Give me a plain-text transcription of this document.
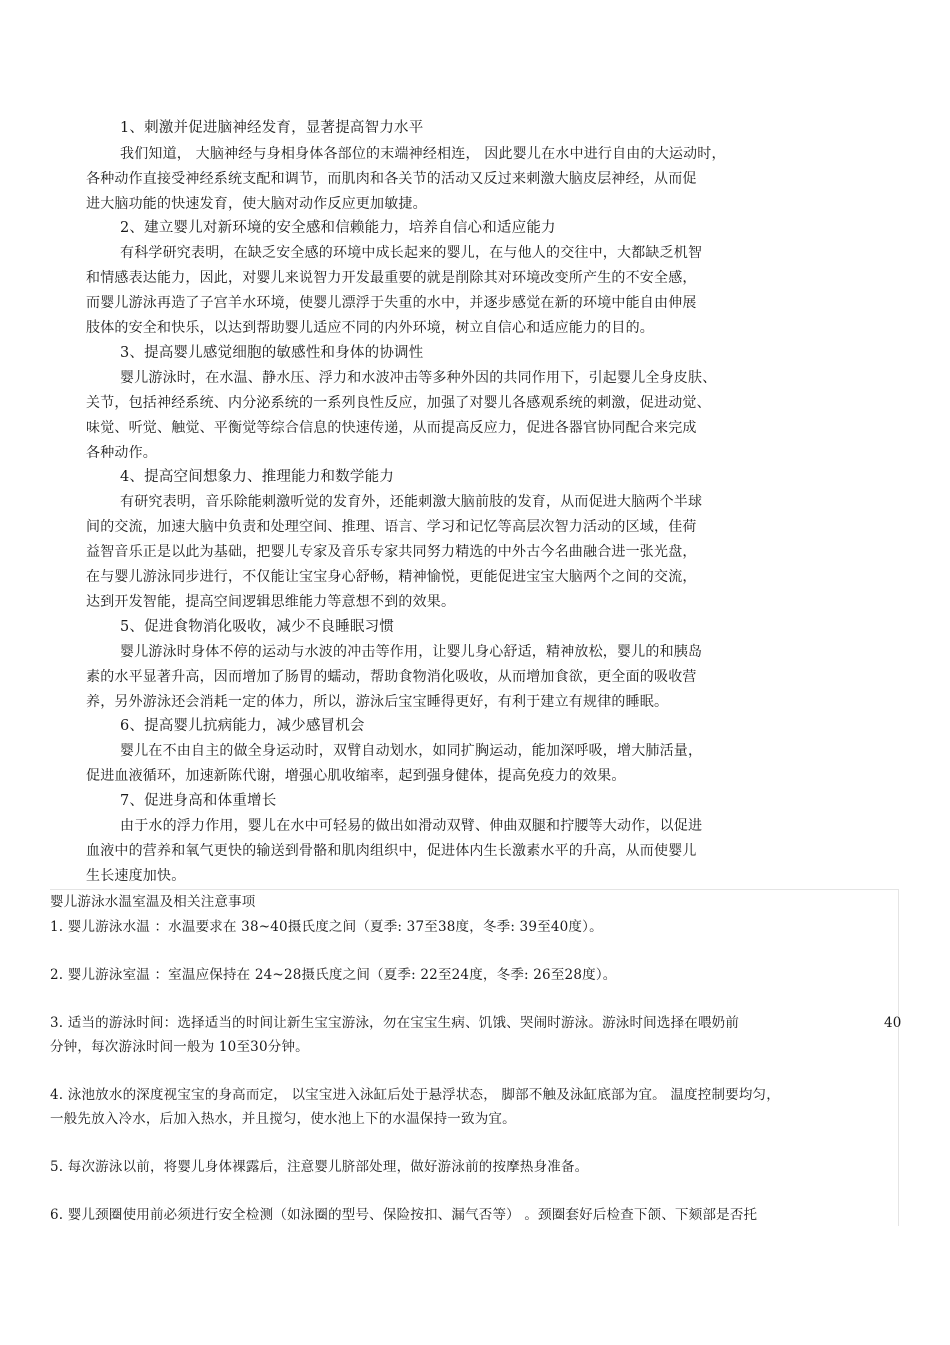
1、刺激并促进脑神经发育，显著提高智力水平
我们知道， 大脑神经与身相身体各部位的末端神经相连， 因此婴儿在水中进行自由的大运动时，
各种动作直接受神经系统支配和调节，而肌肉和各关节的活动又反过来刺激大脑皮层神经，从而促
进大脑功能的快速发育，使大脑对动作反应更加敏捷。
2、建立婴儿对新环境的安全感和信赖能力，培养自信心和适应能力
有科学研究表明，在缺乏安全感的环境中成长起来的婴儿，在与他人的交往中，大都缺乏机智
和情感表达能力，因此，对婴儿来说智力开发最重要的就是削除其对环境改变所产生的不安全感，
而婴儿游泳再造了子宫羊水环境，使婴儿漂浮于失重的水中，并逐步感觉在新的环境中能自由伸展
肢体的安全和快乐，以达到帮助婴儿适应不同的内外环境，树立自信心和适应能力的目的。
3、提高婴儿感觉细胞的敏感性和身体的协调性
婴儿游泳时，在水温、静水压、浮力和水波冲击等多种外因的共同作用下，引起婴儿全身皮肤、
关节，包括神经系统、内分泌系统的一系列良性反应，加强了对婴儿各感观系统的刺激，促进动觉、
味觉、听觉、触觉、平衡觉等综合信息的快速传递，从而提高反应力，促进各器官协同配合来完成
各种动作。
4、提高空间想象力、推理能力和数学能力
有研究表明，音乐除能刺激听觉的发育外，还能刺激大脑前肢的发育，从而促进大脑两个半球
间的交流，加速大脑中负责和处理空间、推理、语言、学习和记忆等高层次智力活动的区域，佳荷
益智音乐正是以此为基础，把婴儿专家及音乐专家共同努力精选的中外古今名曲融合进一张光盘，
在与婴儿游泳同步进行，不仅能让宝宝身心舒畅，精神愉悦，更能促进宝宝大脑两个之间的交流，
达到开发智能，提高空间逻辑思维能力等意想不到的效果。
5、促进食物消化吸收，减少不良睡眠习惯
婴儿游泳时身体不停的运动与水波的冲击等作用，让婴儿身心舒适，精神放松，婴儿的和胰岛
素的水平显著升高，因而增加了肠胃的蠕动，帮助食物消化吸收，从而增加食欲，更全面的吸收营
养，另外游泳还会消耗一定的体力，所以，游泳后宝宝睡得更好，有利于建立有规律的睡眠。
6、提高婴儿抗病能力，减少感冒机会
婴儿在不由自主的做全身运动时，双臂自动划水，如同扩胸运动，能加深呼吸，增大肺活量，
促进血液循环，加速新陈代谢，增强心肌收缩率，起到强身健体，提高免疫力的效果。
7、促进身高和体重增长
由于水的浮力作用，婴儿在水中可轻易的做出如滑动双臂、伸曲双腿和拧腰等大动作，以促进
血液中的营养和氧气更快的输送到骨骼和肌肉组织中，促进体内生长激素水平的升高，从而使婴儿
生长速度加快。
婴儿游泳水温室温及相关注意事项
1. 婴儿游泳水温 ：水温要求在 38~40摄氏度之间（夏季: 37至38度，冬季: 39至40度）。
2. 婴儿游泳室温 ：室温应保持在 24~28摄氏度之间（夏季: 22至24度，冬季: 26至28度）。
3. 适当的游泳时间：选择适当的时间让新生宝宝游泳，勿在宝宝生病、饥饿、哭闹时游泳。游泳时间选择在喂奶前	40
分钟，每次游泳时间一般为 10至30分钟。
4. 泳池放水的深度视宝宝的身高而定， 以宝宝进入泳缸后处于悬浮状态， 脚部不触及泳缸底部为宜。 温度控制要均匀，
一般先放入冷水，后加入热水，并且搅匀，使水池上下的水温保持一致为宜。
5. 每次游泳以前，将婴儿身体裸露后，注意婴儿脐部处理，做好游泳前的按摩热身准备。
6. 婴儿颈圈使用前必须进行安全检测（如泳圈的型号、保险按扣、漏气否等） 。颈圈套好后检查下颌、下颏部是否托
